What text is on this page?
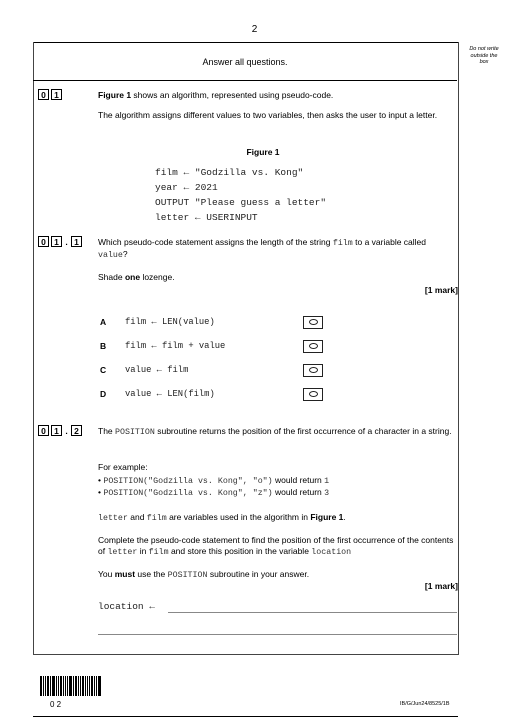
2
Do not write
outside the
box
Answer all questions.
0 1	Figure 1 shows an algorithm, represented using pseudo-code.
The algorithm assigns different values to two variables, then asks the user to input a letter.
Figure 1
film ← "Godzilla vs. Kong"
year ← 2021
OUTPUT "Please guess a letter"
letter ← USERINPUT
0 1 . 1	Which pseudo-code statement assigns the length of the string film to a variable called value?
Shade one lozenge.
[1 mark]
A	film ← LEN(value)
B	film ← film + value
C	value ← film
D	value ← LEN(film)
0 1 . 2	The POSITION subroutine returns the position of the first occurrence of a character in a string.
For example:
• POSITION("Godzilla vs. Kong", "o") would return 1
• POSITION("Godzilla vs. Kong", "z") would return 3
letter and film are variables used in the algorithm in Figure 1.
Complete the pseudo-code statement to find the position of the first occurrence of the contents of letter in film and store this position in the variable location
You must use the POSITION subroutine in your answer.
[1 mark]
location ←
0 2	IB/G/Jun24/8525/1B
